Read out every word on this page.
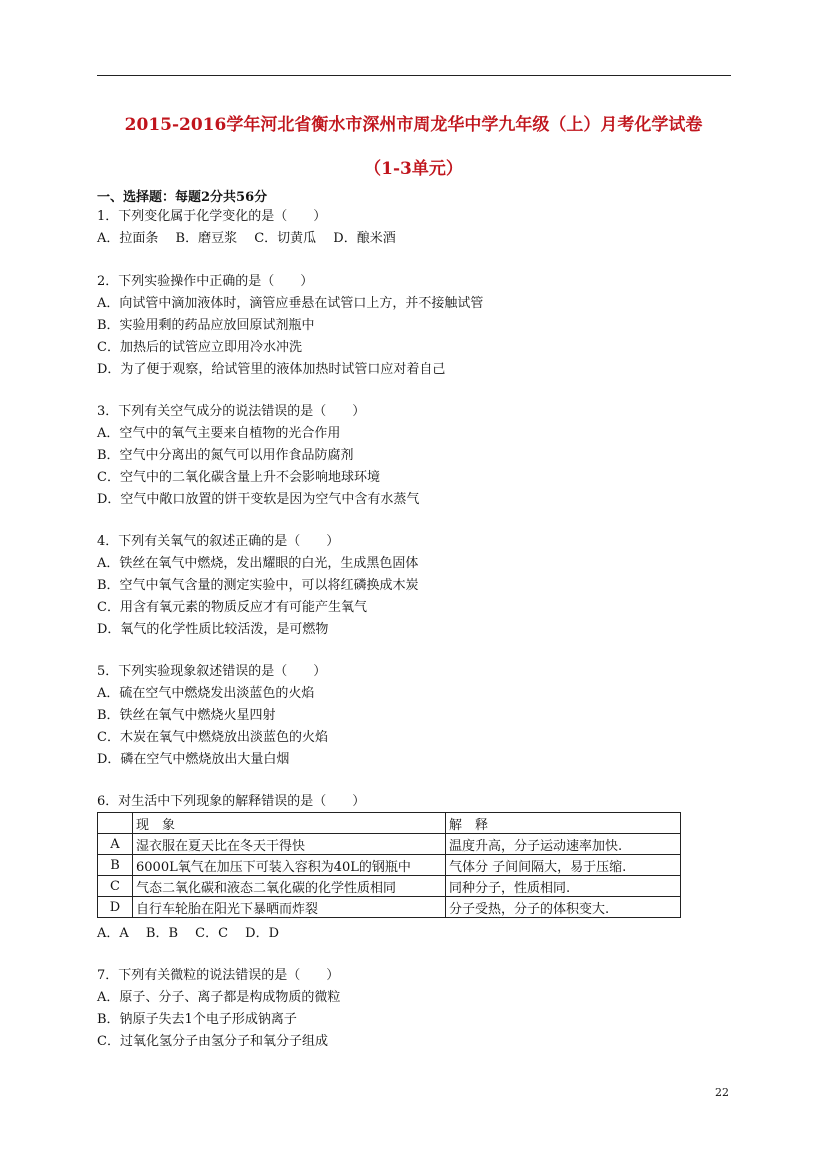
2015-2016学年河北省衡水市深州市周龙华中学九年级（上）月考化学试卷
（1-3单元）
一、选择题：每题2分共56分
1．下列变化属于化学变化的是（　　）
A．拉面条　 B．磨豆浆　 C．切黄瓜　 D．酿米酒
2．下列实验操作中正确的是（　　）
A．向试管中滴加液体时，滴管应垂悬在试管口上方，并不接触试管
B．实验用剩的药品应放回原试剂瓶中
C．加热后的试管应立即用冷水冲洗
D．为了便于观察，给试管里的液体加热时试管口应对着自己
3．下列有关空气成分的说法错误的是（　　）
A．空气中的氧气主要来自植物的光合作用
B．空气中分离出的氮气可以用作食品防腐剂
C．空气中的二氧化碳含量上升不会影响地球环境
D．空气中敞口放置的饼干变软是因为空气中含有水蒸气
4．下列有关氧气的叙述正确的是（　　）
A．铁丝在氧气中燃烧，发出耀眼的白光，生成黑色固体
B．空气中氧气含量的测定实验中，可以将红磷换成木炭
C．用含有氧元素的物质反应才有可能产生氧气
D．氧气的化学性质比较活泼，是可燃物
5．下列实验现象叙述错误的是（　　）
A．硫在空气中燃烧发出淡蓝色的火焰
B．铁丝在氧气中燃烧火星四射
C．木炭在氧气中燃烧放出淡蓝色的火焰
D．磷在空气中燃烧放出大量白烟
6．对生活中下列现象的解释错误的是（　　）
	现　象	解　释
A	湿衣服在夏天比在冬天干得快	温度升高，分子运动速率加快.
B	6000L氧气在加压下可装入容积为40L的钢瓶中	气体分 子间间隔大，易于压缩.
C	气态二氧化碳和液态二氧化碳的化学性质相同	同种分子，性质相同.
D	自行车轮胎在阳光下暴晒而炸裂	分子受热，分子的体积变大.
A．A　 B．B　 C．C　 D．D
7．下列有关微粒的说法错误的是（　　）
A．原子、分子、离子都是构成物质的微粒
B．钠原子失去1个电子形成钠离子
C．过氧化氢分子由氢分子和氧分子组成
22
